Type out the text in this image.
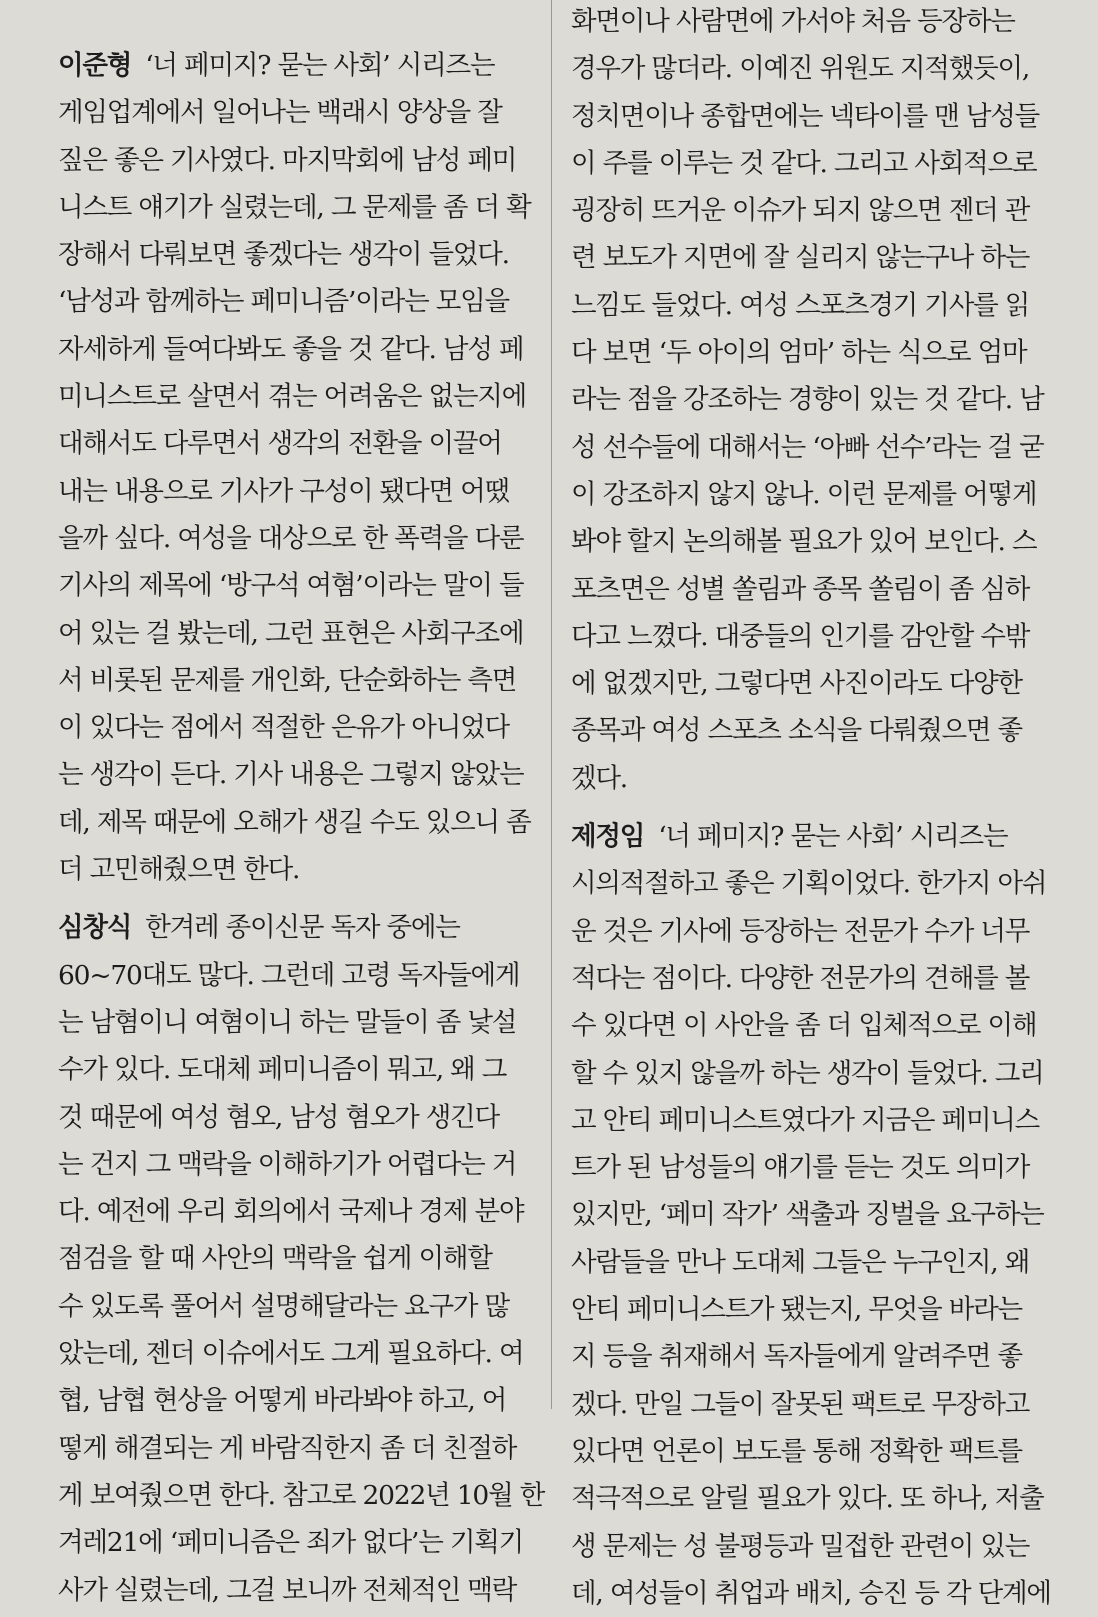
이준형 ‘너 페미지? 묻는 사회’ 시리즈는
게임업계에서 일어나는 백래시 양상을 잘
짚은 좋은 기사였다. 마지막회에 남성 페미
니스트 얘기가 실렸는데, 그 문제를 좀 더 확
장해서 다뤄보면 좋겠다는 생각이 들었다.
‘남성과 함께하는 페미니즘’이라는 모임을
자세하게 들여다봐도 좋을 것 같다. 남성 페
미니스트로 살면서 겪는 어려움은 없는지에
대해서도 다루면서 생각의 전환을 이끌어
내는 내용으로 기사가 구성이 됐다면 어땠
을까 싶다. 여성을 대상으로 한 폭력을 다룬
기사의 제목에 ‘방구석 여혐’이라는 말이 들
어 있는 걸 봤는데, 그런 표현은 사회구조에
서 비롯된 문제를 개인화, 단순화하는 측면
이 있다는 점에서 적절한 은유가 아니었다
는 생각이 든다. 기사 내용은 그렇지 않았는
데, 제목 때문에 오해가 생길 수도 있으니 좀
더 고민해줬으면 한다.
심창식 한겨레 종이신문 독자 중에는
60~70대도 많다. 그런데 고령 독자들에게
는 남혐이니 여혐이니 하는 말들이 좀 낯설
수가 있다. 도대체 페미니즘이 뭐고, 왜 그
것 때문에 여성 혐오, 남성 혐오가 생긴다
는 건지 그 맥락을 이해하기가 어렵다는 거
다. 예전에 우리 회의에서 국제나 경제 분야
점검을 할 때 사안의 맥락을 쉽게 이해할
수 있도록 풀어서 설명해달라는 요구가 많
았는데, 젠더 이슈에서도 그게 필요하다. 여
협, 남협 현상을 어떻게 바라봐야 하고, 어
떻게 해결되는 게 바람직한지 좀 더 친절하
게 보여줬으면 한다. 참고로 2022년 10월 한
겨레21에 ‘페미니즘은 죄가 없다’는 기획기
사가 실렸는데, 그걸 보니까 전체적인 맥락
화면이나 사람면에 가서야 처음 등장하는
경우가 많더라. 이예진 위원도 지적했듯이,
정치면이나 종합면에는 넥타이를 맨 남성들
이 주를 이루는 것 같다. 그리고 사회적으로
굉장히 뜨거운 이슈가 되지 않으면 젠더 관
련 보도가 지면에 잘 실리지 않는구나 하는
느낌도 들었다. 여성 스포츠경기 기사를 읽
다 보면 ‘두 아이의 엄마’ 하는 식으로 엄마
라는 점을 강조하는 경향이 있는 것 같다. 남
성 선수들에 대해서는 ‘아빠 선수’라는 걸 굳
이 강조하지 않지 않나. 이런 문제를 어떻게
봐야 할지 논의해볼 필요가 있어 보인다. 스
포츠면은 성별 쏠림과 종목 쏠림이 좀 심하
다고 느꼈다. 대중들의 인기를 감안할 수밖
에 없겠지만, 그렇다면 사진이라도 다양한
종목과 여성 스포츠 소식을 다뤄줬으면 좋
겠다.
제정임 ‘너 페미지? 묻는 사회’ 시리즈는
시의적절하고 좋은 기획이었다. 한가지 아쉬
운 것은 기사에 등장하는 전문가 수가 너무
적다는 점이다. 다양한 전문가의 견해를 볼
수 있다면 이 사안을 좀 더 입체적으로 이해
할 수 있지 않을까 하는 생각이 들었다. 그리
고 안티 페미니스트였다가 지금은 페미니스
트가 된 남성들의 얘기를 듣는 것도 의미가
있지만, ‘페미 작가’ 색출과 징벌을 요구하는
사람들을 만나 도대체 그들은 누구인지, 왜
안티 페미니스트가 됐는지, 무엇을 바라는
지 등을 취재해서 독자들에게 알려주면 좋
겠다. 만일 그들이 잘못된 팩트로 무장하고
있다면 언론이 보도를 통해 정확한 팩트를
적극적으로 알릴 필요가 있다. 또 하나, 저출
생 문제는 성 불평등과 밀접한 관련이 있는
데, 여성들이 취업과 배치, 승진 등 각 단계에
